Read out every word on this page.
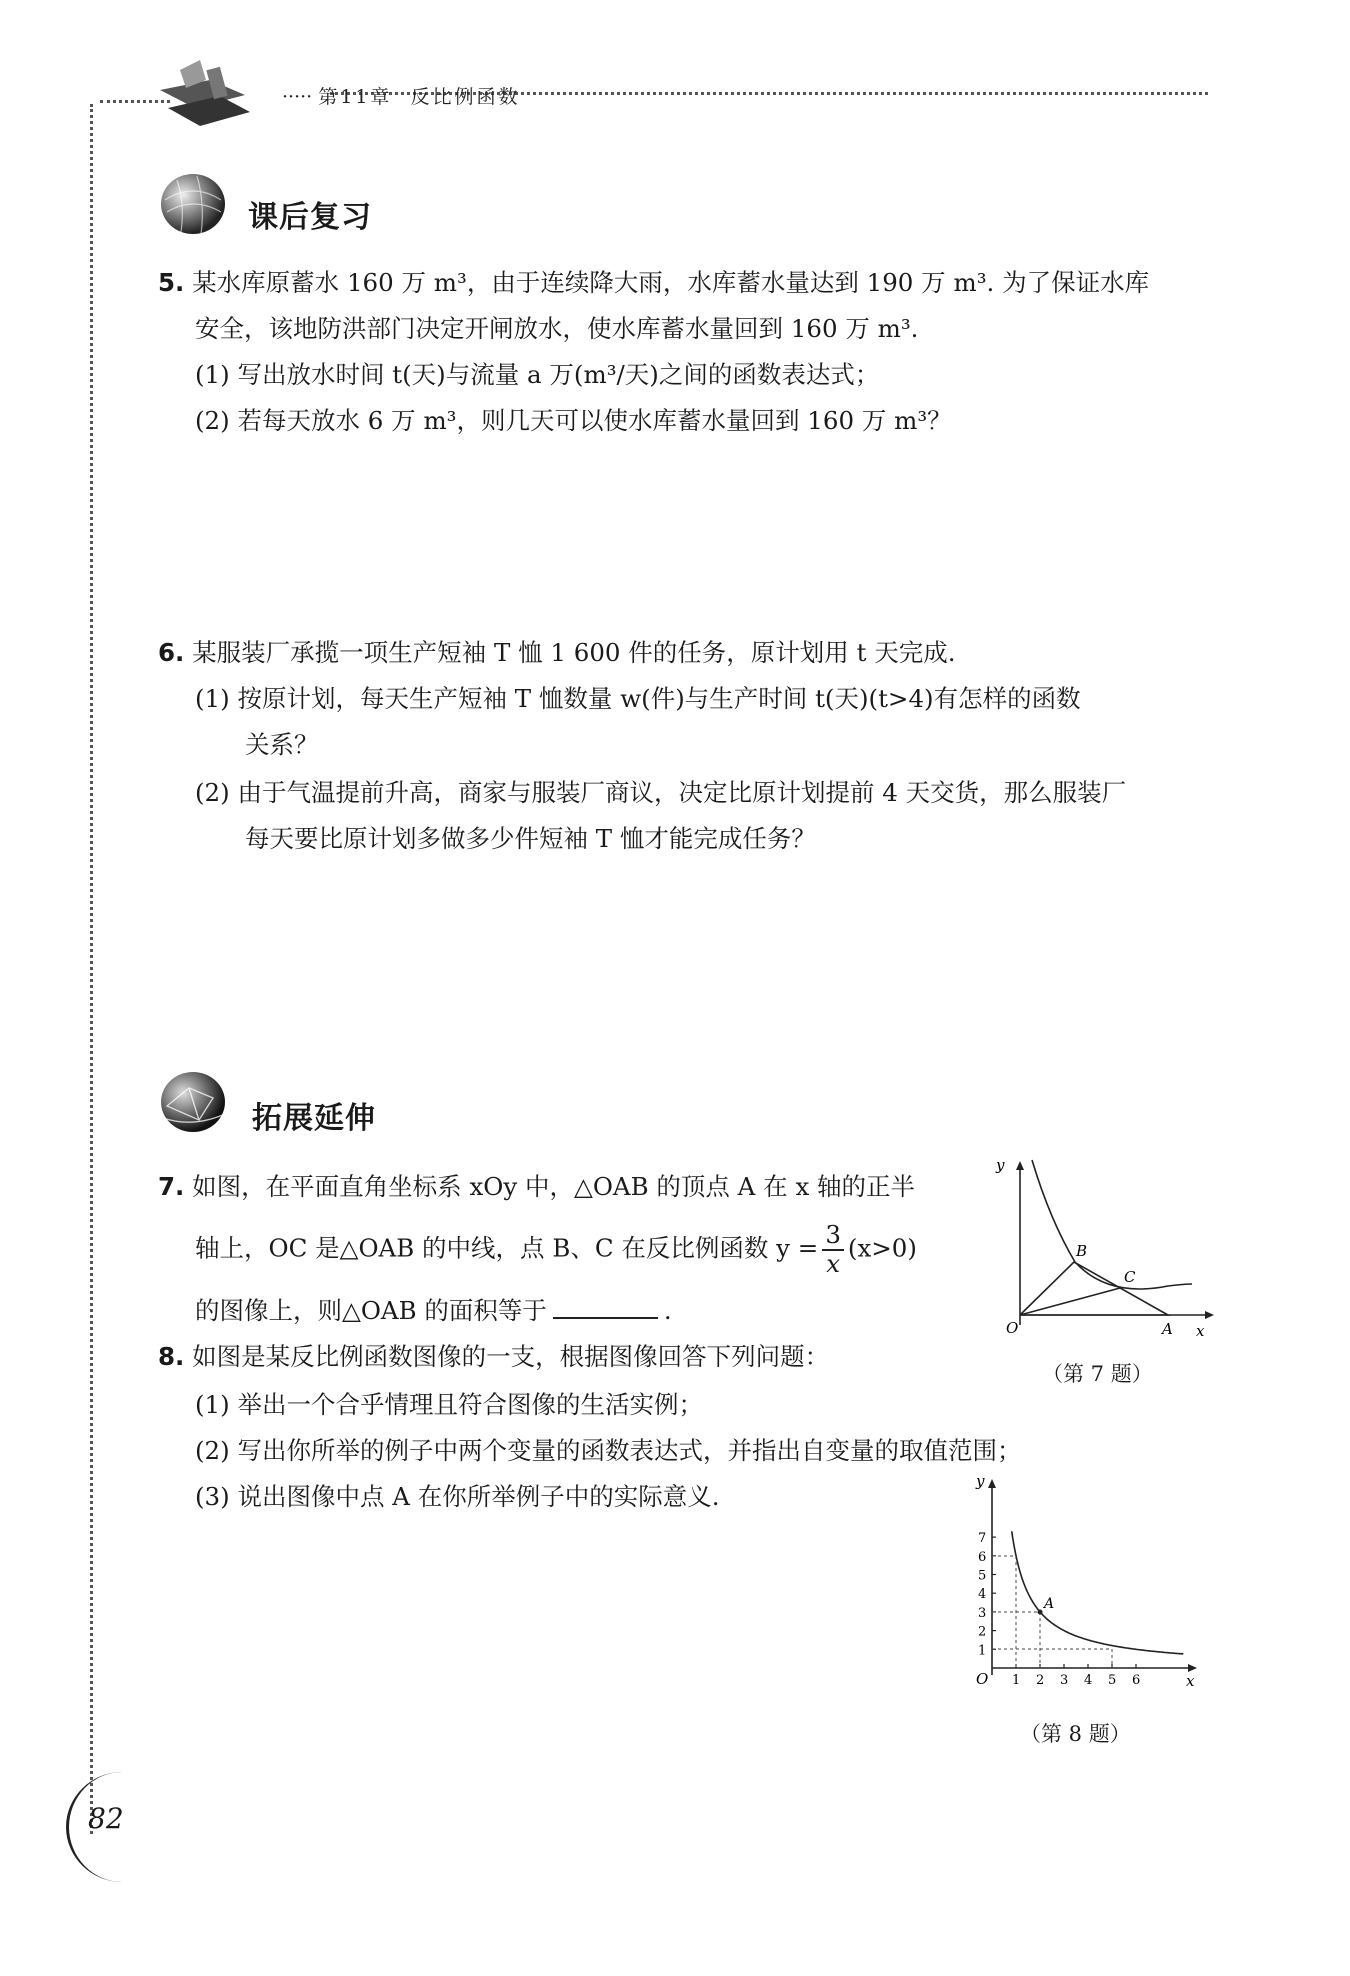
····· 第11章 反比例函数
课后复习
5. 某水库原蓄水 160 万 m³，由于连续降大雨，水库蓄水量达到 190 万 m³. 为了保证水库
安全，该地防洪部门决定开闸放水，使水库蓄水量回到 160 万 m³.
(1) 写出放水时间 t(天)与流量 a 万(m³/天)之间的函数表达式；
(2) 若每天放水 6 万 m³，则几天可以使水库蓄水量回到 160 万 m³？
6. 某服装厂承揽一项生产短袖 T 恤 1 600 件的任务，原计划用 t 天完成.
(1) 按原计划，每天生产短袖 T 恤数量 w(件)与生产时间 t(天)(t>4)有怎样的函数
关系？
(2) 由于气温提前升高，商家与服装厂商议，决定比原计划提前 4 天交货，那么服装厂
每天要比原计划多做多少件短袖 T 恤才能完成任务？
拓展延伸
7. 如图，在平面直角坐标系 xOy 中，△OAB 的顶点 A 在 x 轴的正半
轴上，OC 是△OAB 的中线，点 B、C 在反比例函数 $y = \frac{3}{x} (x>0)$
的图像上，则△OAB 的面积等于	.
y
x
O	A
B
C
（第 7 题）
8. 如图是某反比例函数图像的一支，根据图像回答下列问题：
(1) 举出一个合乎情理且符合图像的生活实例；
(2) 写出你所举的例子中两个变量的函数表达式，并指出自变量的取值范围；
(3) 说出图像中点 A 在你所举例子中的实际意义.
1 2 3 4 5 6
1
2
3
4
5
6
7
A
y
x
O
（第 8 题）
82
